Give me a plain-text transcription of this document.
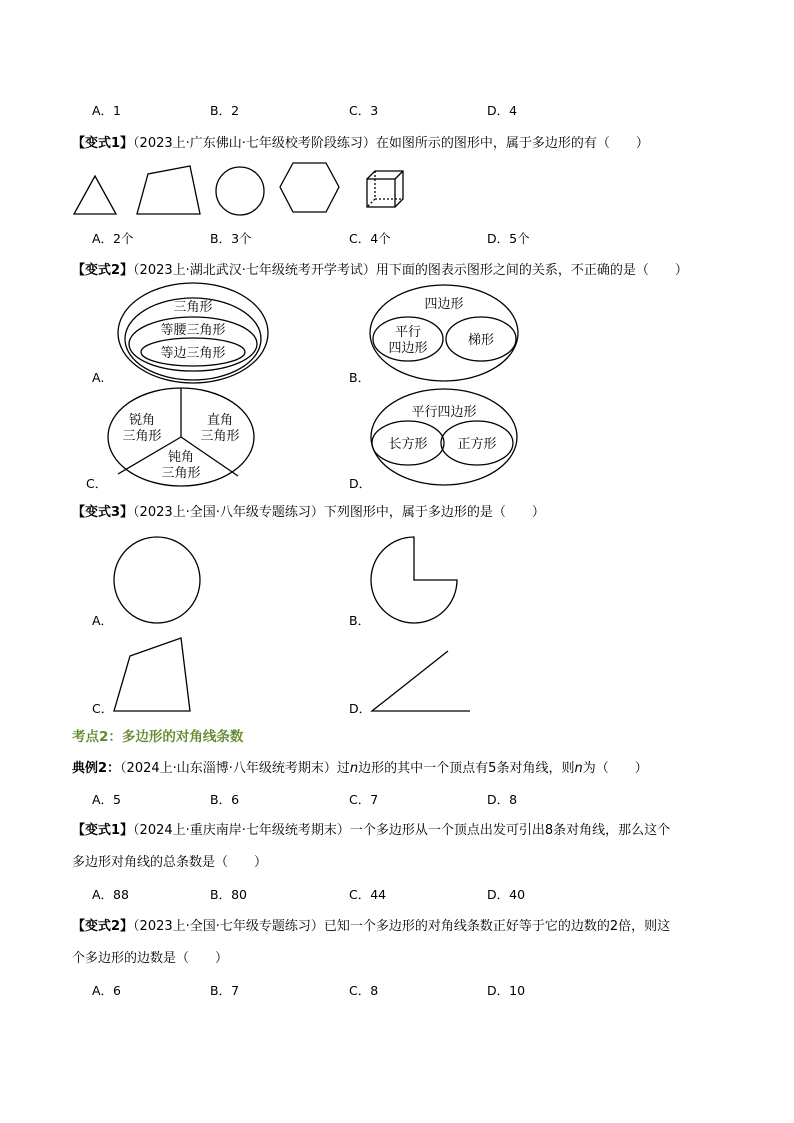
A．1	B．2	C．3	D．4
【变式1】（2023上·广东佛山·七年级校考阶段练习）在如图所示的图形中，属于多边形的有（　　）
三角形
等腰三角形
等边三角形
四边形
平行
四边形
梯形
锐角
三角形
直角
三角形
钝角
三角形
平行四边形
长方形 正方形
A．2个	B．3个	C．4个	D．5个
【变式2】（2023上·湖北武汉·七年级统考开学考试）用下面的图表示图形之间的关系，不正确的是（　　）
A.	B．
C．	D．
【变式3】（2023上·全国·八年级专题练习）下列图形中，属于多边形的是（　　）
A．	B．
C．	D．
考点2：多边形的对角线条数
典例2：（2024上·山东淄博·八年级统考期末）过n边形的其中一个顶点有5条对角线，则n为（　　）
A．5	B．6	C．7	D．8
【变式1】（2024上·重庆南岸·七年级统考期末）一个多边形从一个顶点出发可引出8条对角线，那么这个
多边形对角线的总条数是（　　）
A．88	B．80	C．44	D．40
【变式2】（2023上·全国·七年级专题练习）已知一个多边形的对角线条数正好等于它的边数的2倍，则这
个多边形的边数是（　　）
A．6	B．7	C．8	D．10
